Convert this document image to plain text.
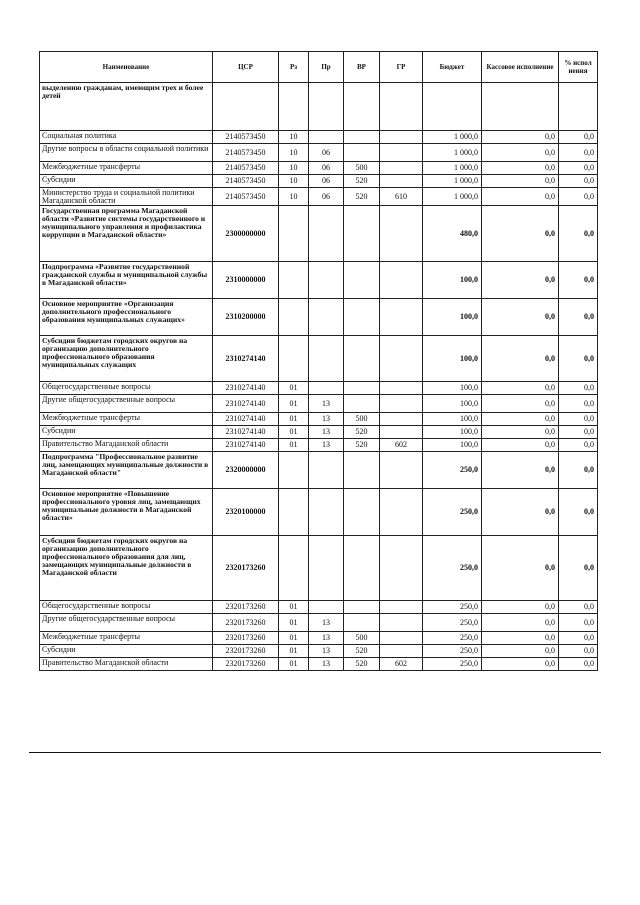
Наименование	ЦСР	Рз	Пр	ВР	ГР	Бюджет	Кассовое исполнение	% испол нения
выделению гражданам, имеющим трех и более детей								
Социальная политика	2140573450	10				1 000,0	0,0	0,0
Другие вопросы в области социальной политики	2140573450	10	06			1 000,0	0,0	0,0
Межбюджетные трансферты	2140573450	10	06	500		1 000,0	0,0	0,0
Субсидии	2140573450	10	06	520		1 000,0	0,0	0,0
Министерство труда и социальной политики Магаданской области	2140573450	10	06	520	610	1 000,0	0,0	0,0
Государственная программа Магаданской области «Развитие системы государственного и муниципального управления и профилактика коррупции в Магаданской области»	2300000000					480,0	0,0	0,0
Подпрограмма «Развитие государственной гражданской службы и муниципальной службы в Магаданской области»	2310000000					100,0	0,0	0,0
Основное мероприятие «Организация дополнительного профессионального образования муниципальных служащих»	2310200000					100,0	0,0	0,0
Субсидии бюджетам городских округов на организацию дополнительного профессионального образования муниципальных служащих	2310274140					100,0	0,0	0,0
Общегосударственные вопросы	2310274140	01				100,0	0,0	0,0
Другие общегосударственные вопросы	2310274140	01	13			100,0	0,0	0,0
Межбюджетные трансферты	2310274140	01	13	500		100,0	0,0	0,0
Субсидии	2310274140	01	13	520		100,0	0,0	0,0
Правительство Магаданской области	2310274140	01	13	520	602	100,0	0,0	0,0
Подпрограмма "Профессиональное развитие лиц, замещающих муниципальные должности в Магаданской области"	2320000000					250,0	0,0	0,0
Основное мероприятие «Повышение профессионального уровня лиц, замещающих муниципальные должности в Магаданской области»	2320100000					250,0	0,0	0,0
Субсидии бюджетам городских округов на организацию дополнительного профессионального образования для лиц, замещающих муниципальные должности в Магаданской области	2320173260					250,0	0,0	0,0
Общегосударственные вопросы	2320173260	01				250,0	0,0	0,0
Другие общегосударственные вопросы	2320173260	01	13			250,0	0,0	0,0
Межбюджетные трансферты	2320173260	01	13	500		250,0	0,0	0,0
Субсидии	2320173260	01	13	520		250,0	0,0	0,0
Правительство Магаданской области	2320173260	01	13	520	602	250,0	0,0	0,0
